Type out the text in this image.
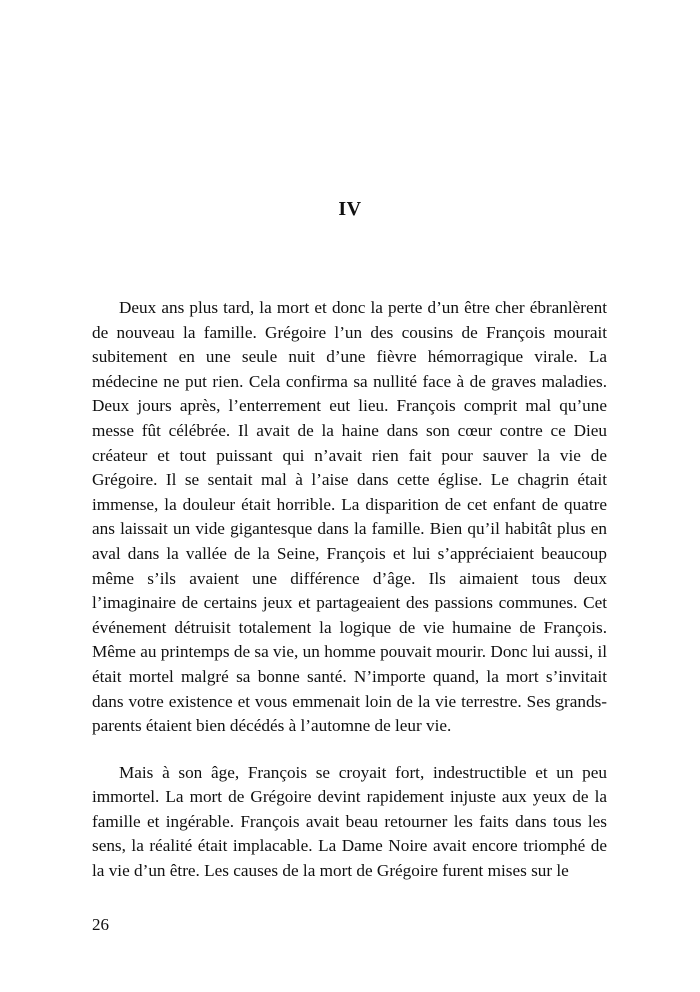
IV

Deux ans plus tard, la mort et donc la perte d’un être cher ébranlèrent de nouveau la famille. Grégoire l’un des cousins de François mourait subitement en une seule nuit d’une fièvre hémorragique virale. La médecine ne put rien. Cela confirma sa nullité face à de graves maladies. Deux jours après, l’enterrement eut lieu. François comprit mal qu’une messe fût célébrée. Il avait de la haine dans son cœur contre ce Dieu créateur et tout puissant qui n’avait rien fait pour sauver la vie de Grégoire. Il se sentait mal à l’aise dans cette église. Le chagrin était immense, la douleur était horrible. La disparition de cet enfant de quatre ans laissait un vide gigantesque dans la famille. Bien qu’il habitât plus en aval dans la vallée de la Seine, François et lui s’appréciaient beaucoup même s’ils avaient une différence d’âge. Ils aimaient tous deux l’imaginaire de certains jeux et partageaient des passions communes. Cet événement détruisit totalement la logique de vie humaine de François. Même au printemps de sa vie, un homme pouvait mourir. Donc lui aussi, il était mortel malgré sa bonne santé. N’importe quand, la mort s’invitait dans votre existence et vous emmenait loin de la vie terrestre. Ses grands-parents étaient bien décédés à l’automne de leur vie.

Mais à son âge, François se croyait fort, indestructible et un peu immortel. La mort de Grégoire devint rapidement injuste aux yeux de la famille et ingérable. François avait beau retourner les faits dans tous les sens, la réalité était implacable. La Dame Noire avait encore triomphé de la vie d’un être. Les causes de la mort de Grégoire furent mises sur le

26
